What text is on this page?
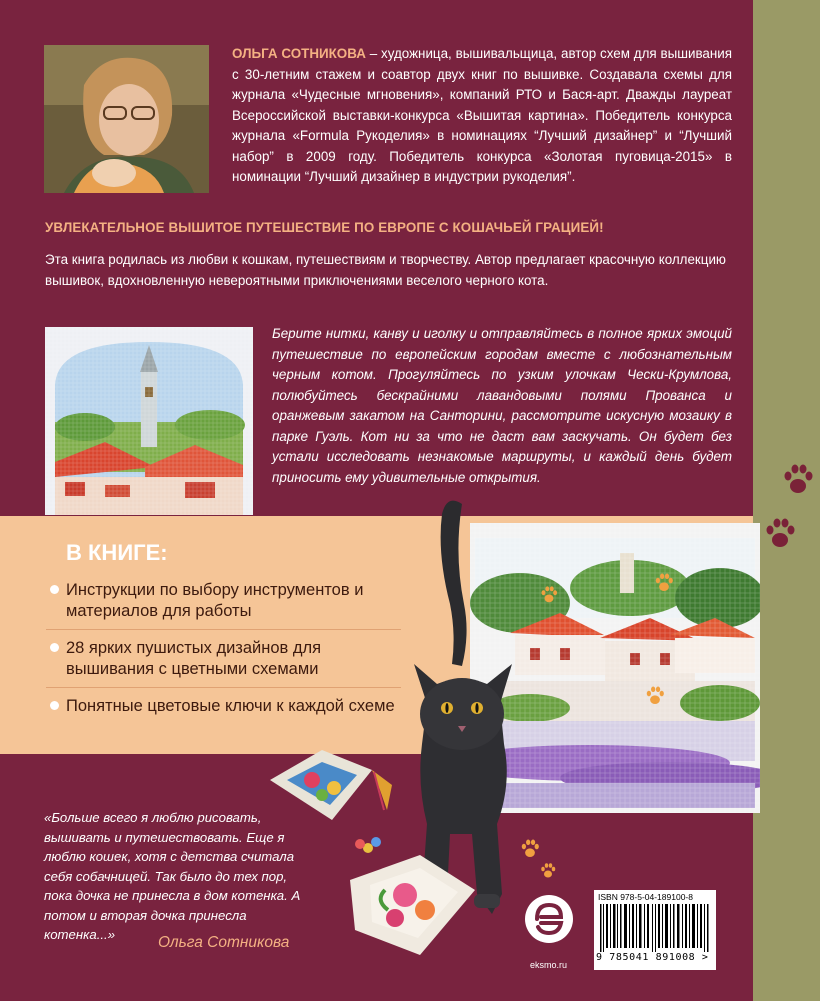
ОЛЬГА СОТНИКОВА – художница, вышивальщица, автор схем для вышивания с 30-летним стажем и соавтор двух книг по вышивке. Создавала схемы для журнала «Чудесные мгновения», компаний РТО и Бася-арт. Дважды лауреат Всероссийской выставки-конкурса «Вышитая картина». Победитель конкурса журнала «Formula Рукоделия» в номинациях “Лучший дизайнер” и “Лучший набор” в 2009 году. Победитель конкурса «Золотая пуговица-2015» в номинации “Лучший дизайнер в индустрии рукоделия”.
УВЛЕКАТЕЛЬНОЕ ВЫШИТОЕ ПУТЕШЕСТВИЕ ПО ЕВРОПЕ С КОШАЧЬЕЙ ГРАЦИЕЙ!
Эта книга родилась из любви к кошкам, путешествиям и творчеству. Автор предлагает красочную коллекцию вышивок, вдохновленную невероятными приключениями веселого черного кота.
Берите нитки, канву и иголку и отправляйтесь в полное ярких эмоций путешествие по европейским городам вместе с любознательным черным котом. Прогуляйтесь по узким улочкам Чески-Крумлова, полюбуйтесь бескрайними лавандовыми полями Прованса и оранжевым закатом на Санторини, рассмотрите искусную мозаику в парке Гуэль. Кот ни за что не даст вам заскучать. Он будет без устали исследовать незнакомые маршруты, и каждый день будет приносить ему удивительные открытия.
В КНИГЕ:
Инструкции по выбору инструментов и материалов для работы
28 ярких пушистых дизайнов для вышивания с цветными схемами
Понятные цветовые ключи к каждой схеме
«Больше всего я люблю рисовать, вышивать и путешествовать. Еще я люблю кошек, хотя с детства считала себя собачницей. Так было до тех пор, пока дочка не принесла в дом котенка. А потом и вторая дочка принесла котенка...»	Ольга Сотникова
eksmo.ru
ISBN 978-5-04-189100-8
9 785041 891008 >
